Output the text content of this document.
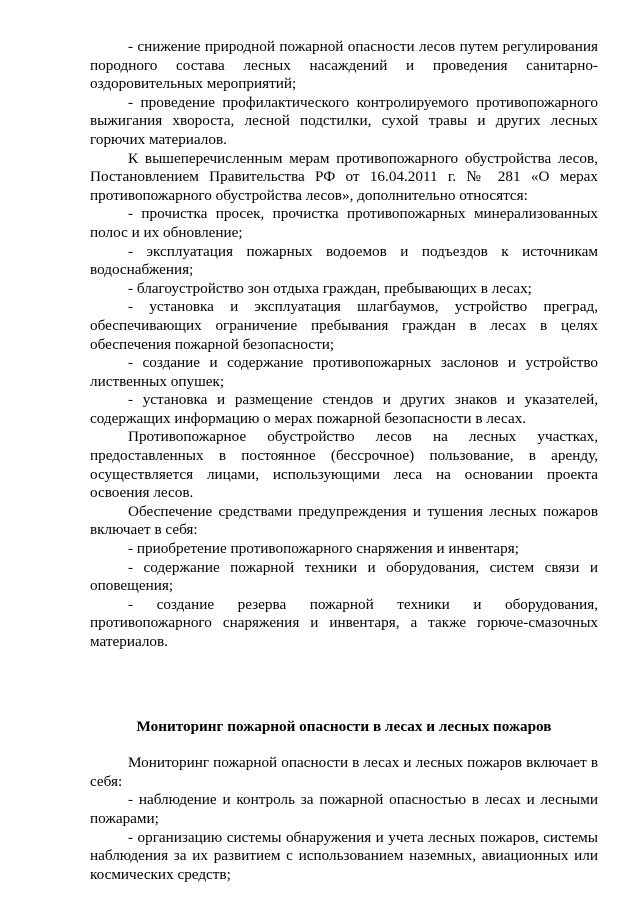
- снижение природной пожарной опасности лесов путем регулирования породного состава лесных насаждений и проведения санитарно-оздоровительных мероприятий;

- проведение профилактического контролируемого противопожарного выжигания хвороста, лесной подстилки, сухой травы и других лесных горючих материалов.

К вышеперечисленным мерам противопожарного обустройства лесов, Постановлением Правительства РФ от 16.04.2011 г. № 281 «О мерах противопожарного обустройства лесов», дополнительно относятся:

- прочистка просек, прочистка противопожарных минерализованных полос и их обновление;

- эксплуатация пожарных водоемов и подъездов к источникам водоснабжения;

- благоустройство зон отдыха граждан, пребывающих в лесах;

- установка и эксплуатация шлагбаумов, устройство преград, обеспечивающих ограничение пребывания граждан в лесах в целях обеспечения пожарной безопасности;

- создание и содержание противопожарных заслонов и устройство лиственных опушек;

- установка и размещение стендов и других знаков и указателей, содержащих информацию о мерах пожарной безопасности в лесах.

Противопожарное обустройство лесов на лесных участках, предоставленных в постоянное (бессрочное) пользование, в аренду, осуществляется лицами, использующими леса на основании проекта освоения лесов.

Обеспечение средствами предупреждения и тушения лесных пожаров включает в себя:

- приобретение противопожарного снаряжения и инвентаря;

- содержание пожарной техники и оборудования, систем связи и оповещения;

- создание резерва пожарной техники и оборудования, противопожарного снаряжения и инвентаря, а также горюче-смазочных материалов.

Мониторинг пожарной опасности в лесах и лесных пожаров

Мониторинг пожарной опасности в лесах и лесных пожаров включает в себя:

- наблюдение и контроль за пожарной опасностью в лесах и лесными пожарами;

- организацию системы обнаружения и учета лесных пожаров, системы наблюдения за их развитием с использованием наземных, авиационных или космических средств;
